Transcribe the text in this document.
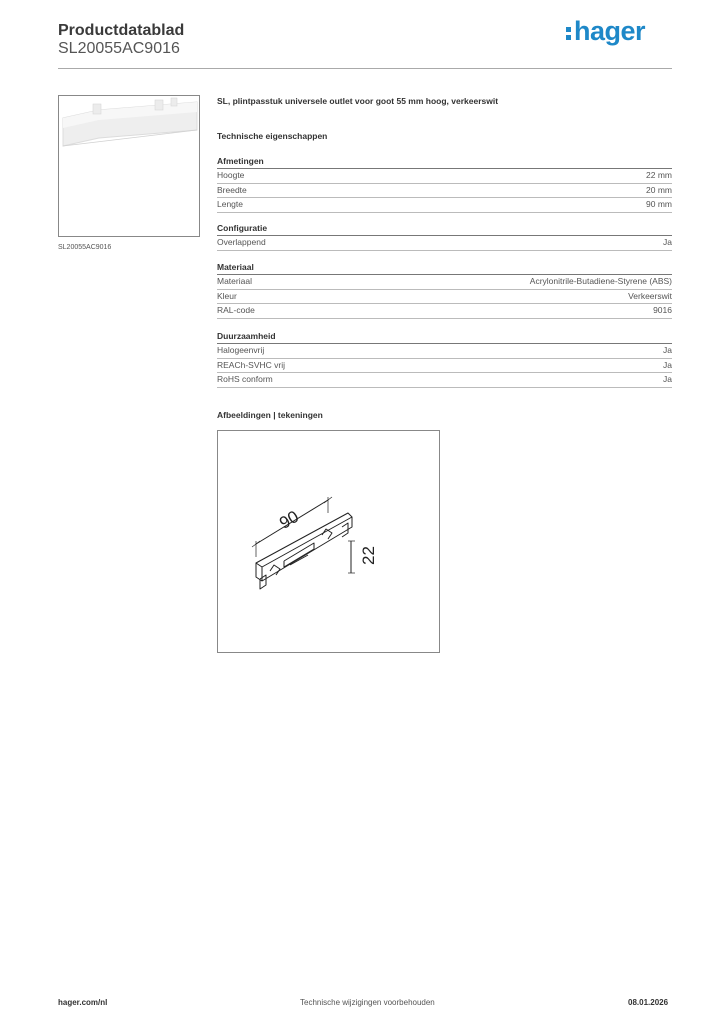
Productdatablad
SL20055AC9016
hager
SL20055AC9016
SL, plintpasstuk universele outlet voor goot 55 mm hoog, verkeerswit
Technische eigenschappen
Afmetingen
Hoogte	22 mm
Breedte	20 mm
Lengte	90 mm
Configuratie
Overlappend	Ja
Materiaal
Materiaal	Acrylonitrile-Butadiene-Styrene (ABS)
Kleur	Verkeerswit
RAL-code	9016
Duurzaamheid
Halogeenvrij	Ja
REACh-SVHC vrij	Ja
RoHS conform	Ja
Afbeeldingen | tekeningen
90
22
hager.com/nl	Technische wijzigingen voorbehouden	08.01.2026
